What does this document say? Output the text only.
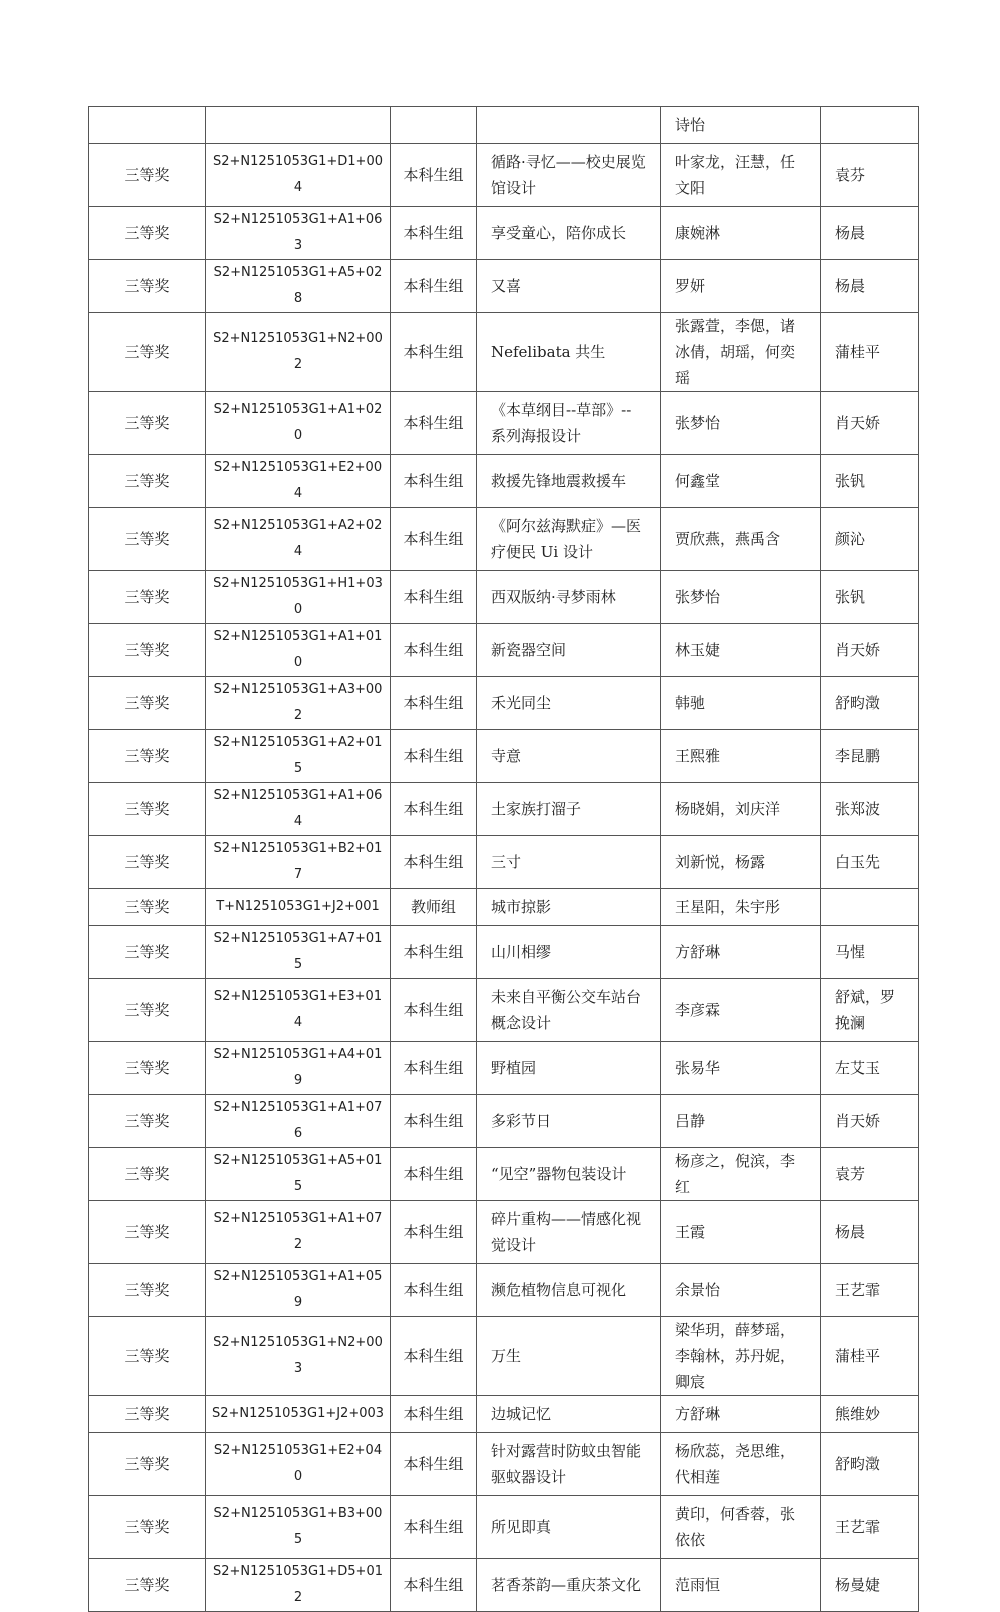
				诗怡	
三等奖	S2+N1251053G1+D1+004	本科生组	循路·寻忆——校史展览馆设计	叶家龙，汪慧，任文阳	袁芬
三等奖	S2+N1251053G1+A1+063	本科生组	享受童心，陪你成长	康婉淋	杨晨
三等奖	S2+N1251053G1+A5+028	本科生组	又喜	罗妍	杨晨
三等奖	S2+N1251053G1+N2+002	本科生组	Nefelibata 共生	张露萱，李偲，诸冰倩，胡瑶，何奕瑶	蒲桂平
三等奖	S2+N1251053G1+A1+020	本科生组	《本草纲目--草部》--系列海报设计	张梦怡	肖天娇
三等奖	S2+N1251053G1+E2+004	本科生组	救援先锋地震救援车	何鑫堂	张钒
三等奖	S2+N1251053G1+A2+024	本科生组	《阿尔兹海默症》—医疗便民 Ui 设计	贾欣燕，燕禹含	颜沁
三等奖	S2+N1251053G1+H1+030	本科生组	西双版纳·寻梦雨林	张梦怡	张钒
三等奖	S2+N1251053G1+A1+010	本科生组	新瓷器空间	林玉婕	肖天娇
三等奖	S2+N1251053G1+A3+002	本科生组	禾光同尘	韩驰	舒畇澂
三等奖	S2+N1251053G1+A2+015	本科生组	寺意	王熙雅	李昆鹏
三等奖	S2+N1251053G1+A1+064	本科生组	土家族打溜子	杨晓娟，刘庆洋	张郑波
三等奖	S2+N1251053G1+B2+017	本科生组	三寸	刘新悦，杨露	白玉先
三等奖	T+N1251053G1+J2+001	教师组	城市掠影	王星阳，朱宇彤	
三等奖	S2+N1251053G1+A7+015	本科生组	山川相缪	方舒琳	马惺
三等奖	S2+N1251053G1+E3+014	本科生组	未来自平衡公交车站台概念设计	李彦霖	舒斌，罗挽澜
三等奖	S2+N1251053G1+A4+019	本科生组	野植园	张易华	左艾玉
三等奖	S2+N1251053G1+A1+076	本科生组	多彩节日	吕静	肖天娇
三等奖	S2+N1251053G1+A5+015	本科生组	“见空”器物包装设计	杨彦之，倪滨，李红	袁芳
三等奖	S2+N1251053G1+A1+072	本科生组	碎片重构——情感化视觉设计	王霞	杨晨
三等奖	S2+N1251053G1+A1+059	本科生组	濒危植物信息可视化	余景怡	王艺霏
三等奖	S2+N1251053G1+N2+003	本科生组	万生	梁华玥，薛梦瑶，李翰林，苏丹妮，卿宸	蒲桂平
三等奖	S2+N1251053G1+J2+003	本科生组	边城记忆	方舒琳	熊维妙
三等奖	S2+N1251053G1+E2+040	本科生组	针对露营时防蚊虫智能驱蚊器设计	杨欣蕊，尧思维，代相莲	舒畇澂
三等奖	S2+N1251053G1+B3+005	本科生组	所见即真	黄印，何香蓉，张依依	王艺霏
三等奖	S2+N1251053G1+D5+012	本科生组	茗香茶韵—重庆茶文化	范雨恒	杨曼婕
